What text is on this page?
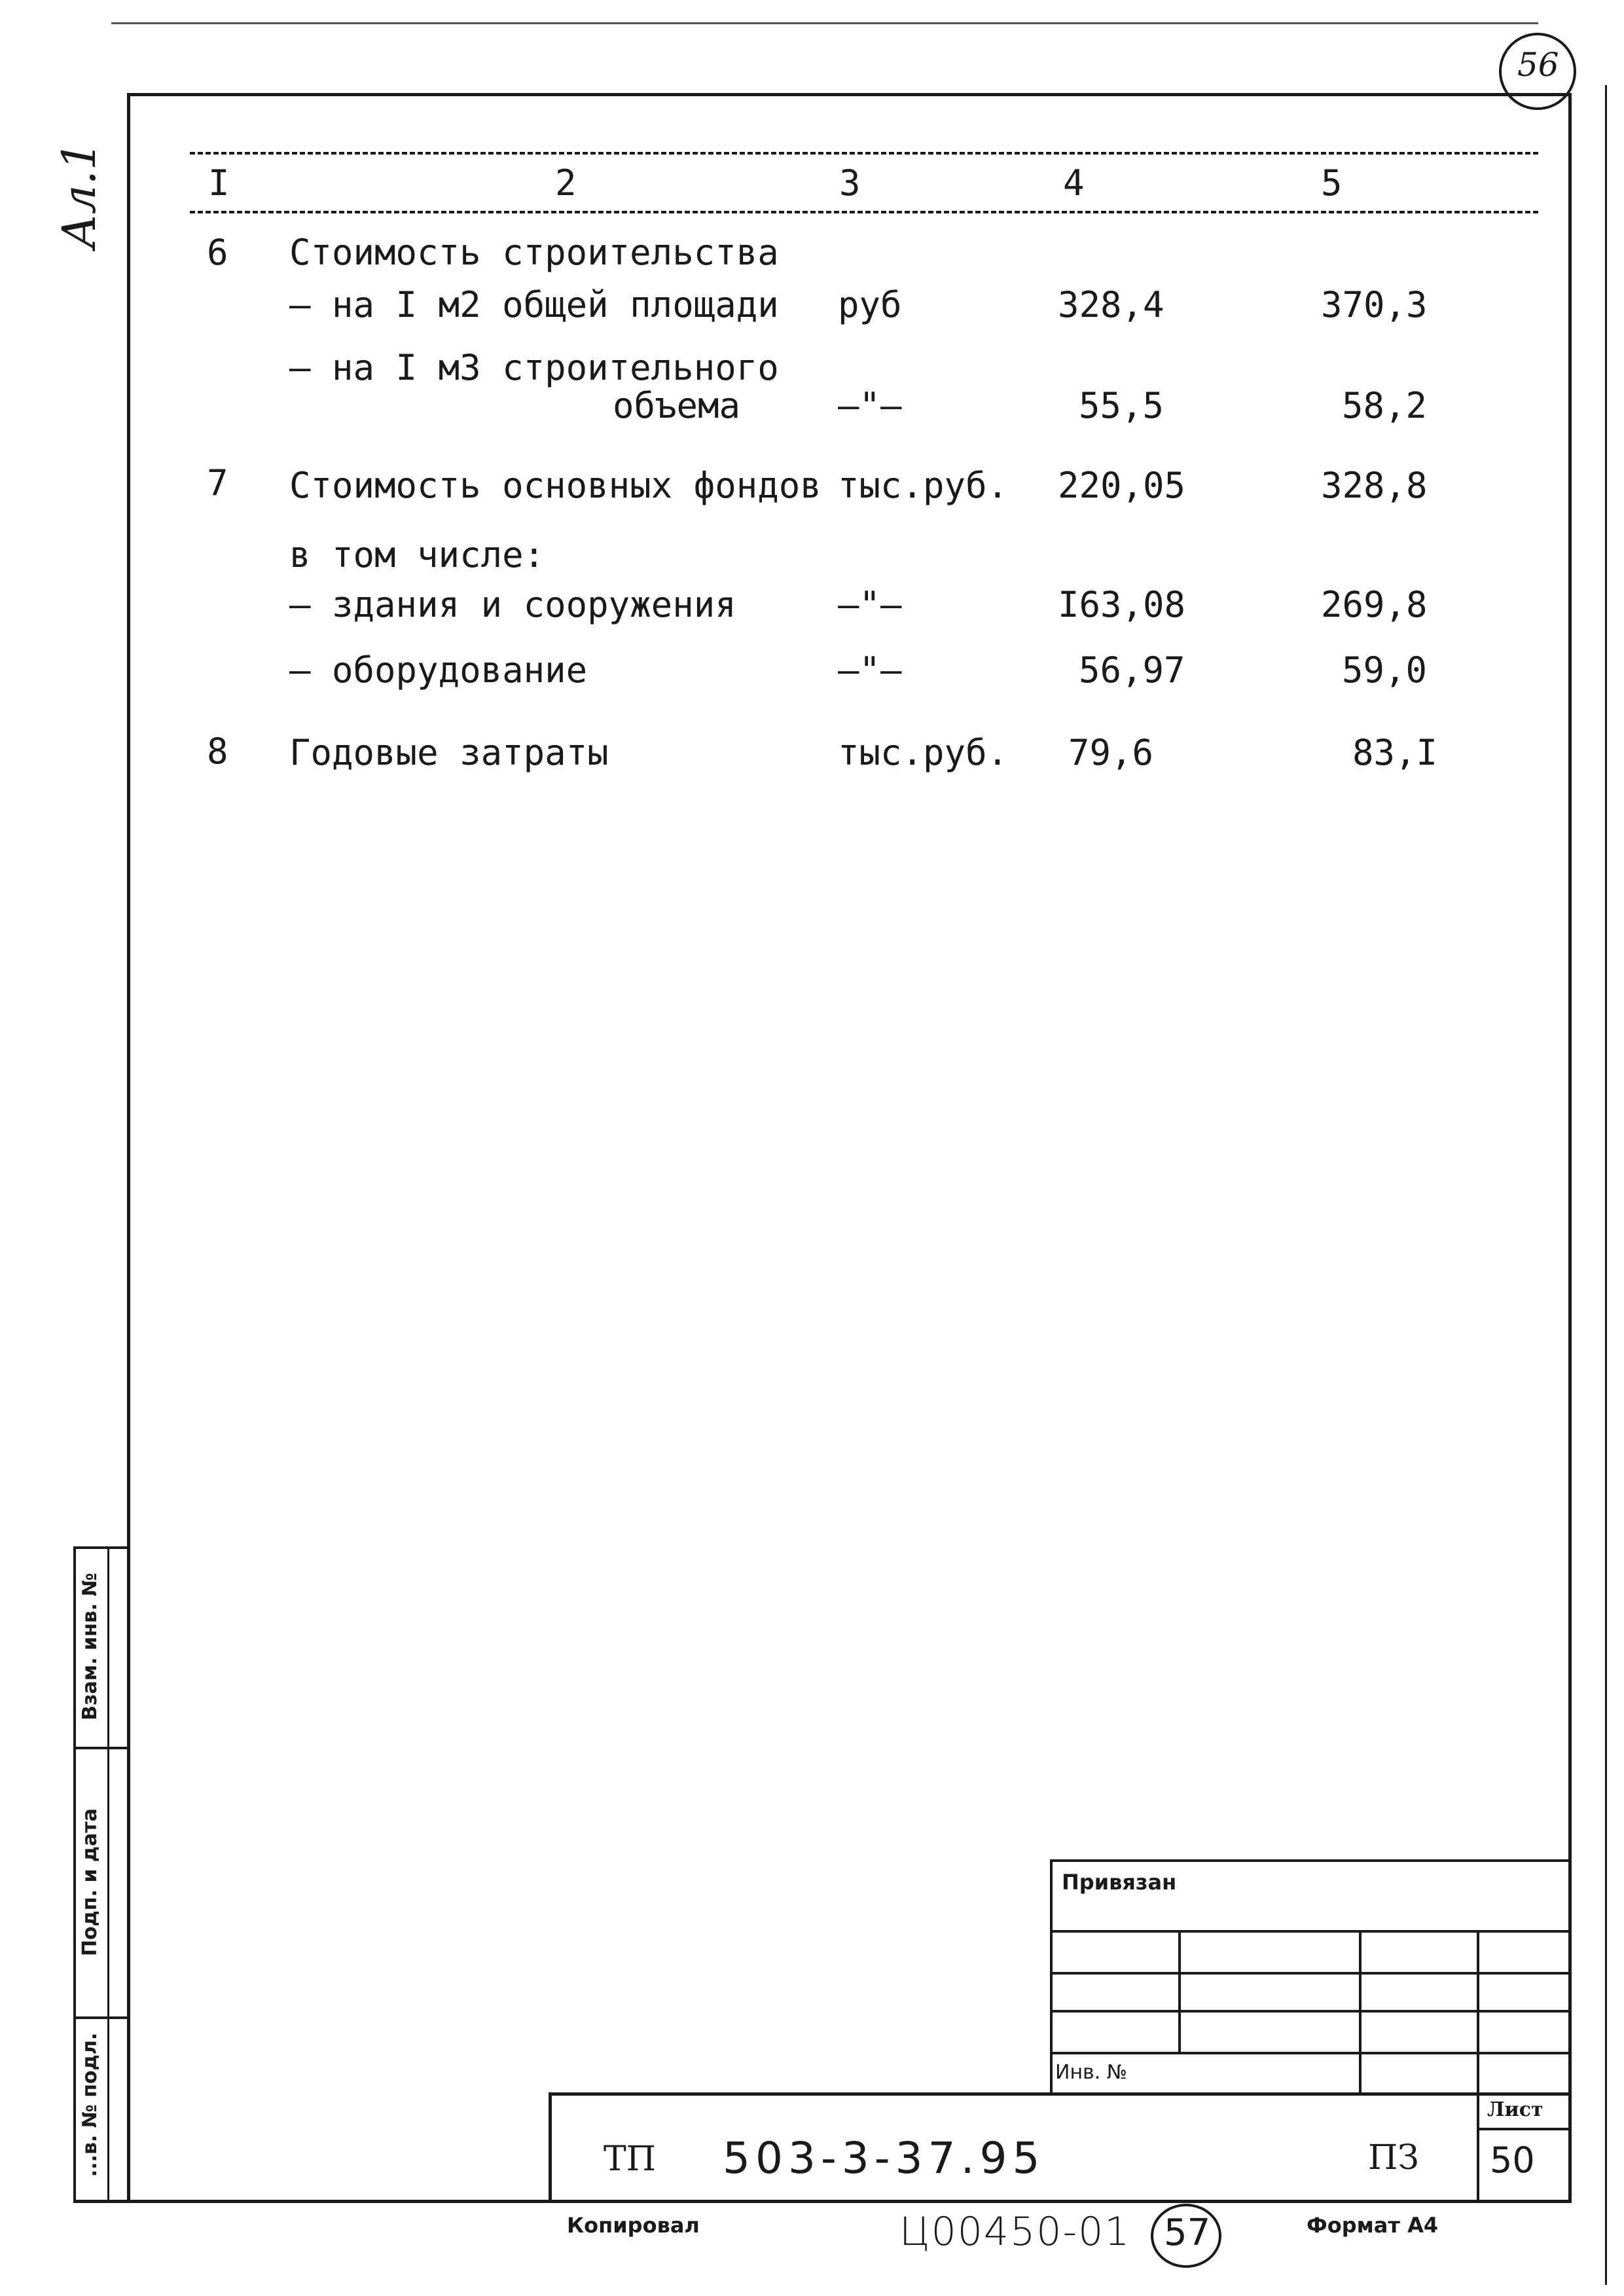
56
Ал.1	I	2	3	4	5
6 Стоимость строительства
– на I м2 общей площади руб	328,4	370,3
– на I м3 строительного
объема	–"–	55,5	58,2
7 Стоимость основных фондов тыс.руб. 220,05	328,8
в том числе:
– здания и сооружения	–"–	I63,08	269,8
– оборудование	–"–	56,97	59,0
8 Годовые затраты	тыс.руб. 79,6	83,I
Взам. инв. №
Подп. и дата
...в. № подл.
Привязан
Инв. №
Лист
ТП 503-3-37.95	ПЗ 50
Копировал	Ц00450-01 57	Формат А4
